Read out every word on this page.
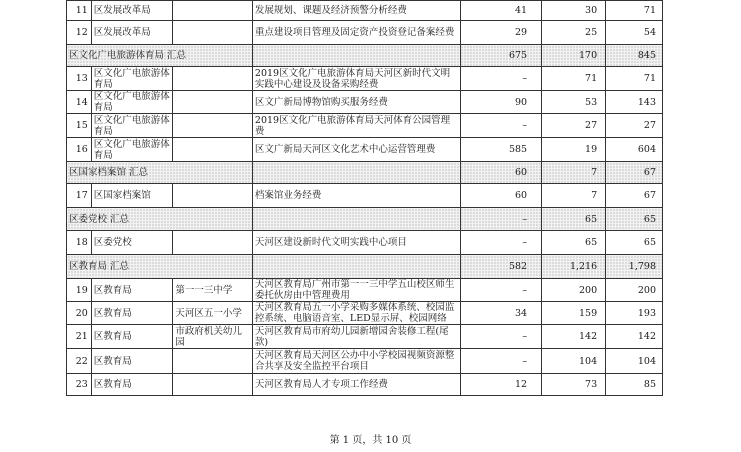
11	区发展改革局		发展规划、课题及经济预警分析经费	41	30	71
12	区发展改革局		重点建设项目管理及固定资产投资登记备案经费	29	25	54
区文化广电旅游体育局 汇总				675	170	845
13	区文化广电旅游体育局		2019区文化广电旅游体育局天河区新时代文明实践中心建设及设备采购经费	–	71	71
14	区文化广电旅游体育局		区文广新局博物馆购买服务经费	90	53	143
15	区文化广电旅游体育局		2019区文化广电旅游体育局天河体育公园管理费	–	27	27
16	区文化广电旅游体育局		区文广新局天河区文化艺术中心运营管理费	585	19	604
区国家档案馆 汇总				60	7	67
17	区国家档案馆		档案馆业务经费	60	7	67
区委党校 汇总				–	65	65
18	区委党校		天河区建设新时代文明实践中心项目	–	65	65
区教育局 汇总				582	1,216	1,798
19	区教育局	第一一三中学	天河区教育局广州市第一一三中学五山校区师生委托伙房由中管理费用	–	200	200
20	区教育局	天河区五一小学	天河区教育局五一小学采购多媒体系统、校园监控系统、电脑语音室、LED显示屏、校园网络	34	159	193
21	区教育局	市政府机关幼儿园	天河区教育局市府幼儿园新增园舍装修工程(尾款)	–	142	142
22	区教育局		天河区教育局天河区公办中小学校园视频资源整合共享及安全监控平台项目	–	104	104
23	区教育局		天河区教育局人才专项工作经费	12	73	85
第 1 页，共 10 页
